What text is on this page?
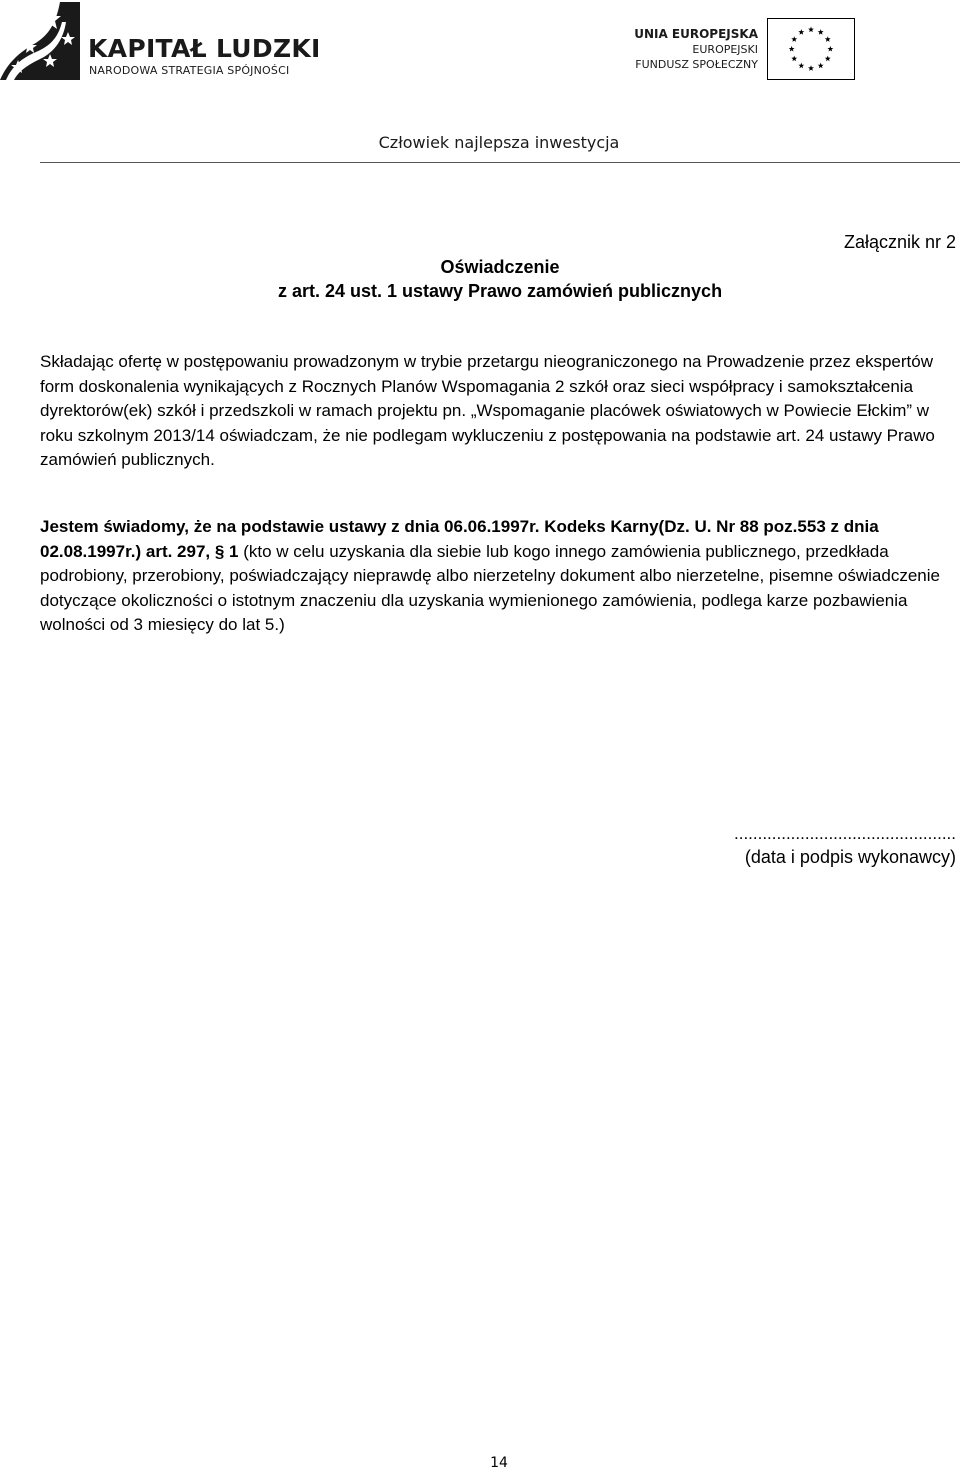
KAPITAŁ LUDZKI
NARODOWA STRATEGIA SPÓJNOŚCI
UNIA EUROPEJSKA
EUROPEJSKI
FUNDUSZ SPOŁECZNY
Człowiek najlepsza inwestycja
Załącznik nr 2
Oświadczenie
z art. 24 ust. 1 ustawy Prawo zamówień publicznych

Składając ofertę w postępowaniu prowadzonym w trybie przetargu nieograniczonego na Prowadzenie przez ekspertów form doskonalenia wynikających z Rocznych Planów Wspomagania 2 szkół oraz sieci współpracy i samokształcenia dyrektorów(ek) szkół i przedszkoli w ramach projektu pn. „Wspomaganie placówek oświatowych w Powiecie Ełckim” w roku szkolnym 2013/14 oświadczam, że nie podlegam wykluczeniu z postępowania na podstawie art. 24 ustawy Prawo zamówień publicznych.

Jestem świadomy, że na podstawie ustawy z dnia 06.06.1997r. Kodeks Karny(Dz. U. Nr 88 poz.553 z dnia 02.08.1997r.) art. 297, § 1 (kto w celu uzyskania dla siebie lub kogo innego zamówienia publicznego, przedkłada podrobiony, przerobiony, poświadczający nieprawdę albo nierzetelny dokument albo nierzetelne, pisemne oświadczenie dotyczące okoliczności o istotnym znaczeniu dla uzyskania wymienionego zamówienia, podlega karze pozbawienia wolności od 3 miesięcy do lat 5.)

...............................................
(data i podpis wykonawcy)
14
